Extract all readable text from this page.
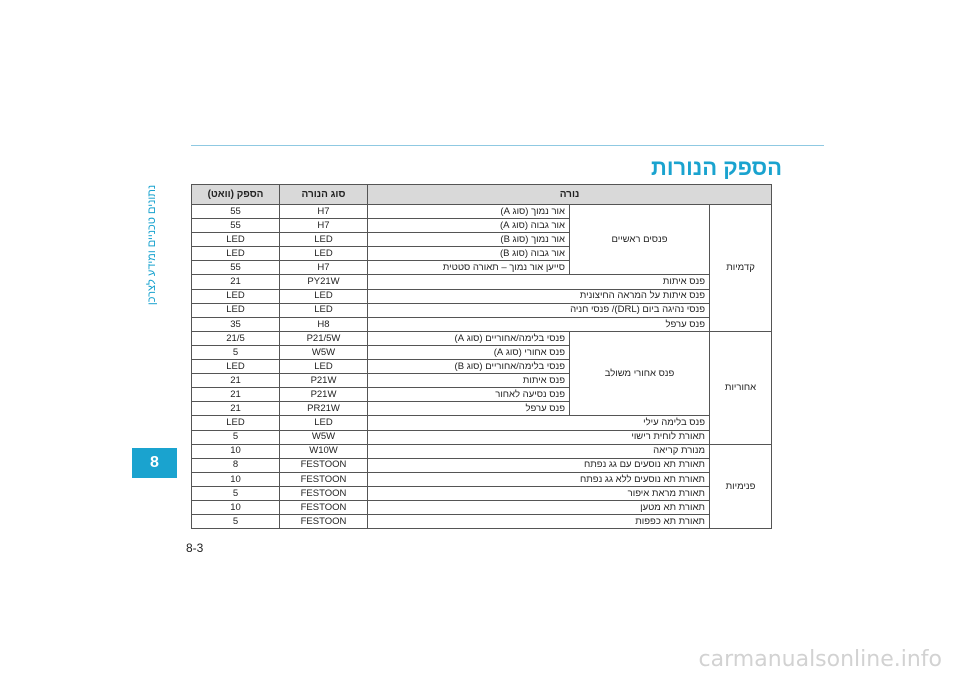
הספק הנורות
נתונים טכניים ומידע לצרכן
8
8-3
הספק (וואט)	סוג הנורה	נורה		
55	H7	אור נמוך (סוג A)	פנסים ראשיים	קדמיות
55	H7	אור גבוה (סוג A)		
LED	LED	אור נמוך (סוג B)		
LED	LED	אור גבוה (סוג B)		
55	H7	סייען אור נמוך – תאורה סטטית		
21	PY21W	פנס איתות		
LED	LED	פנס איתות על המראה החיצונית		
LED	LED	פנסי נהיגה ביום (DRL)/ פנסי חניה		
35	H8	פנס ערפל		
21/5	P21/5W	פנסי בלימה/אחוריים (סוג A)	פנס אחורי משולב	אחוריות
5	W5W	פנס אחורי (סוג A)		
LED	LED	פנסי בלימה/אחוריים (סוג B)		
21	P21W	פנס איתות		
21	P21W	פנס נסיעה לאחור		
21	PR21W	פנס ערפל		
LED	LED	פנס בלימה עילי		
5	W5W	תאורת לוחית רישוי		
10	W10W	מנורת קריאה		פנימיות
8	FESTOON	תאורת תא נוסעים עם גג נפתח		
10	FESTOON	תאורת תא נוסעים ללא גג נפתח		
5	FESTOON	תאורת מראת איפור		
10	FESTOON	תאורת תא מטען		
5	FESTOON	תאורת תא כפפות		
carmanualsonline.info
